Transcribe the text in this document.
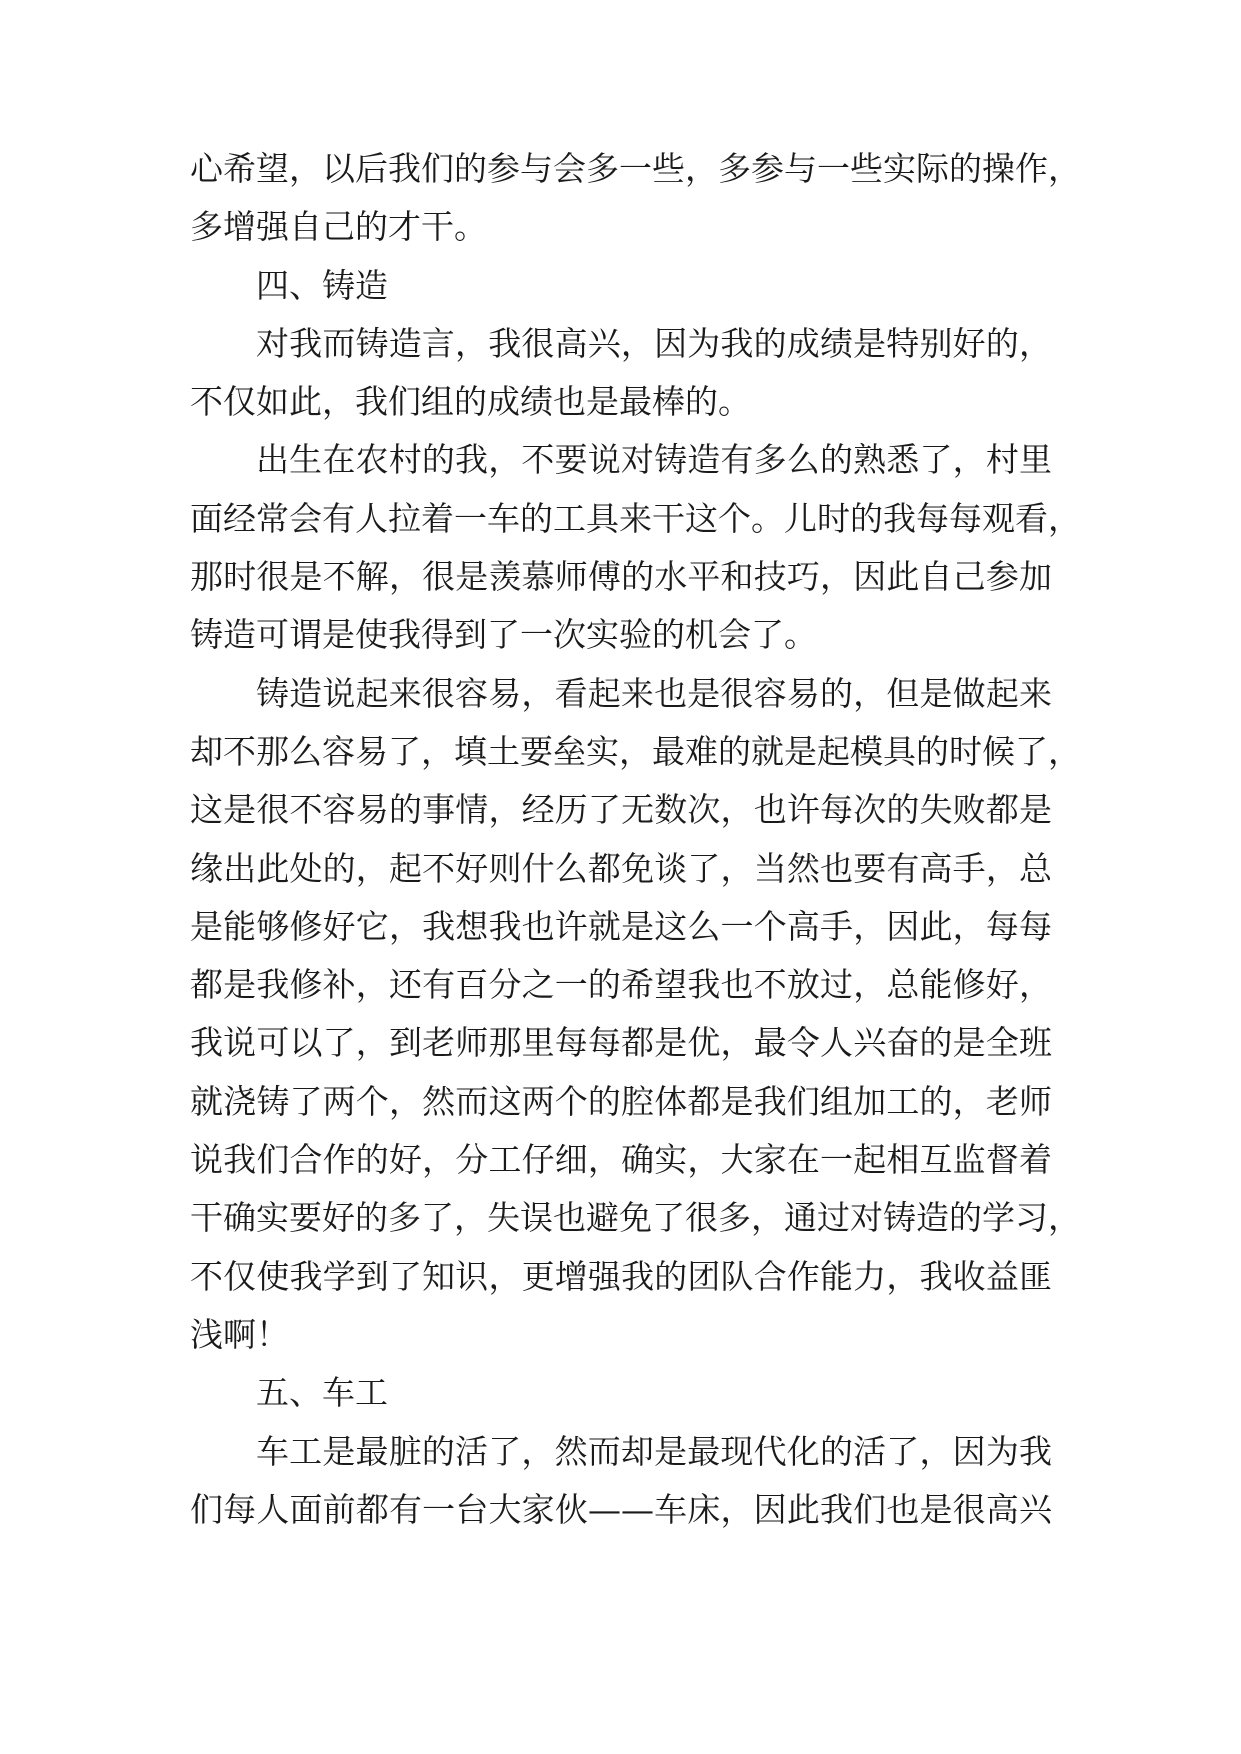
心希望，以后我们的参与会多一些，多参与一些实际的操作，
多增强自己的才干。
四、铸造
对我而铸造言，我很高兴，因为我的成绩是特别好的，
不仅如此，我们组的成绩也是最棒的。
出生在农村的我，不要说对铸造有多么的熟悉了，村里
面经常会有人拉着一车的工具来干这个。儿时的我每每观看，
那时很是不解，很是羡慕师傅的水平和技巧，因此自己参加
铸造可谓是使我得到了一次实验的机会了。
铸造说起来很容易，看起来也是很容易的，但是做起来
却不那么容易了，填土要垒实，最难的就是起模具的时候了，
这是很不容易的事情，经历了无数次，也许每次的失败都是
缘出此处的，起不好则什么都免谈了，当然也要有高手，总
是能够修好它，我想我也许就是这么一个高手，因此，每每
都是我修补，还有百分之一的希望我也不放过，总能修好，
我说可以了，到老师那里每每都是优，最令人兴奋的是全班
就浇铸了两个，然而这两个的腔体都是我们组加工的，老师
说我们合作的好，分工仔细，确实，大家在一起相互监督着
干确实要好的多了，失误也避免了很多，通过对铸造的学习，
不仅使我学到了知识，更增强我的团队合作能力，我收益匪
浅啊！
五、车工
车工是最脏的活了，然而却是最现代化的活了，因为我
们每人面前都有一台大家伙——车床，因此我们也是很高兴
